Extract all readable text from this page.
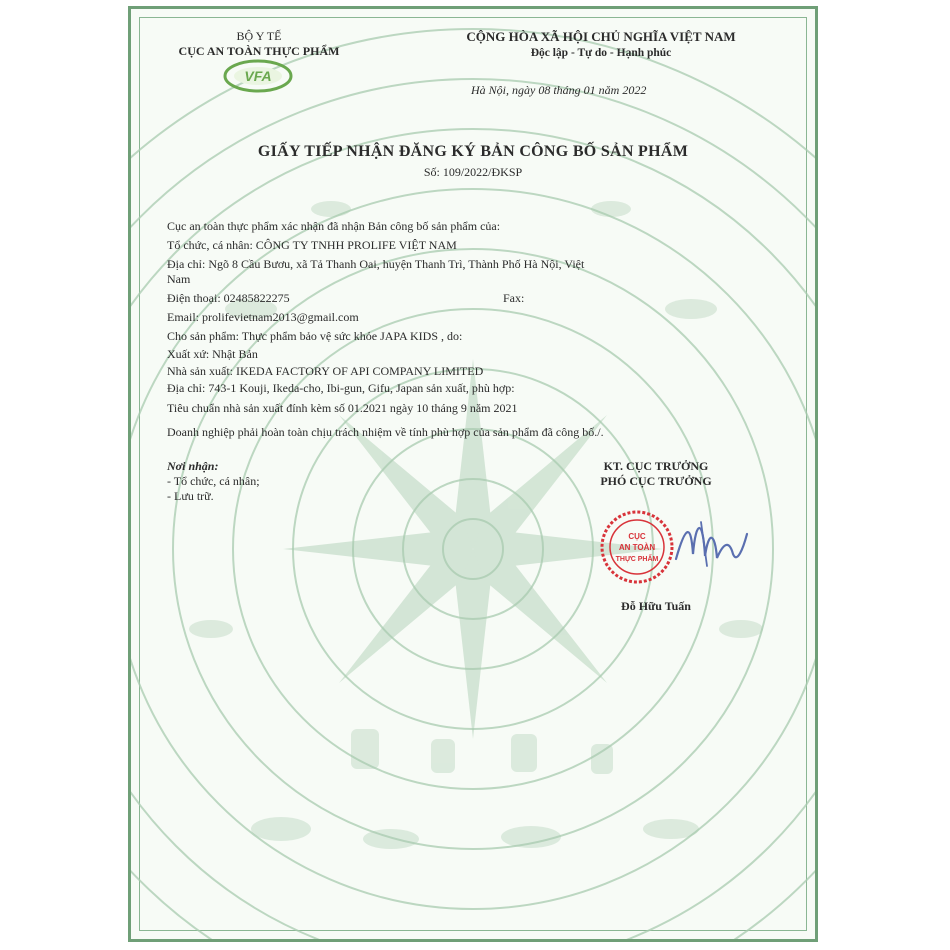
BỘ Y TẾ
CỤC AN TOÀN THỰC PHẨM
VFA
CỘNG HÒA XÃ HỘI CHỦ NGHĨA VIỆT NAM
Độc lập - Tự do - Hạnh phúc
Hà Nội, ngày 08 tháng 01 năm 2022
GIẤY TIẾP NHẬN ĐĂNG KÝ BẢN CÔNG BỐ SẢN PHẨM
Số: 109/2022/ĐKSP
Cục an toàn thực phẩm xác nhận đã nhận Bản công bố sản phẩm của:
Tổ chức, cá nhân: CÔNG TY TNHH PROLIFE VIỆT NAM
Địa chỉ: Ngõ 8 Cầu Bươu, xã Tả Thanh Oai, huyện Thanh Trì, Thành Phố Hà Nội, Việt
Nam
Điện thoại: 02485822275	Fax:
Email: prolifevietnam2013@gmail.com
Cho sản phẩm: Thực phẩm bảo vệ sức khỏe JAPA KIDS , do:
Xuất xứ: Nhật Bản
Nhà sản xuất: IKEDA FACTORY OF API COMPANY LIMITED
Địa chỉ: 743-1 Kouji, Ikeda-cho, Ibi-gun, Gifu, Japan sản xuất, phù hợp:
Tiêu chuẩn nhà sản xuất đính kèm số 01.2021 ngày 10 tháng 9 năm 2021
Doanh nghiệp phải hoàn toàn chịu trách nhiệm về tính phù hợp của sản phẩm đã công bố./.
Nơi nhận:
- Tổ chức, cá nhân;
- Lưu trữ.
KT. CỤC TRƯỞNG
PHÓ CỤC TRƯỞNG
CỤC
AN TOÀN
THỰC PHẨM
Đỗ Hữu Tuấn
